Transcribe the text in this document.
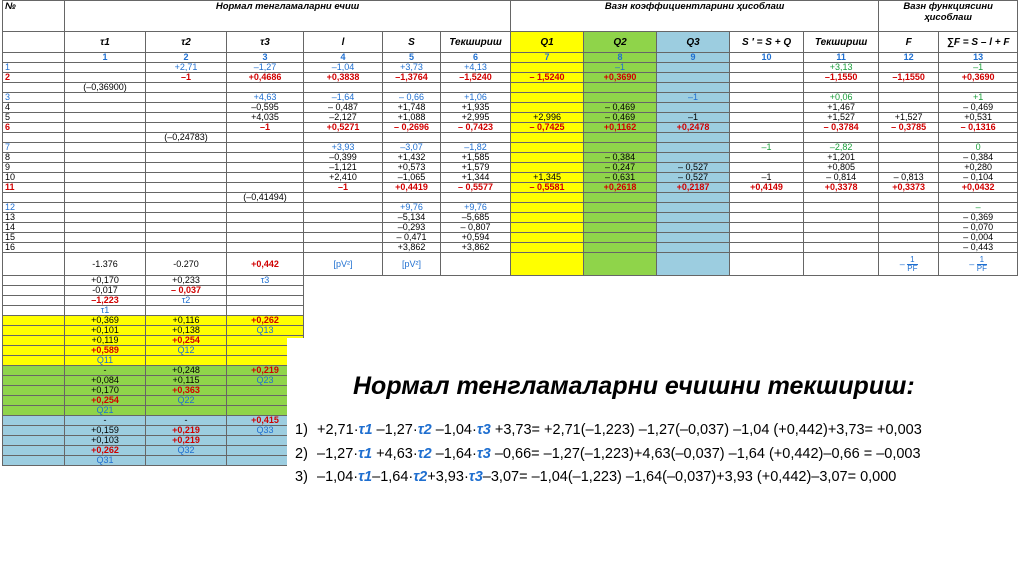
№	Нормал тенгламаларни ечиш						Вазн коэффициентларини ҳисоблаш					Вазн функциясини ҳисоблаш	
	τ1	τ2	τ3	l	S	Текшириш	Q1	Q2	Q3	S ′ = S + Q	Текшириш	F	∑F = S – l + F
	1	2	3	4	5	6	7	8	9	10	11	12	13
1		+2,71	–1,27	–1,04	+3,73	+4,13		–1			+3,13		–1
2		–1	+0,4686	+0,3838	–1,3764	–1,5240	– 1,5240	+0,3690			–1,1550	–1,1550	+0,3690
	(–0,36900)												
3			+4,63	–1,64	– 0,66	+1,06			–1		+0,06		+1
4			–0,595	– 0,487	+1,748	+1,935		– 0,469			+1,467		– 0,469
5			+4,035	–2,127	+1,088	+2,995	+2,996	– 0,469	–1		+1,527	+1,527	+0,531
6			–1	+0,5271	– 0,2696	– 0,7423	– 0,7425	+0,1162	+0,2478		– 0,3784	– 0,3785	– 0,1316
		(–0,24783)											
7				+3,93	–3,07	–1,82				–1	–2,82		0
8				–0,399	+1,432	+1,585		– 0,384			+1,201		– 0,384
9				–1,121	+0,573	+1,579		– 0,247	– 0,527		+0,805		+0,280
10				+2,410	–1,065	+1,344	+1,345	– 0,631	– 0,527	–1	– 0,814	– 0,813	– 0,104
11				–1	+0,4419	– 0,5577	– 0,5581	+0,2618	+0,2187	+0,4149	+0,3378	+0,3373	+0,0432
			(–0,41494)										
12					+9,76	+9,76							–
13					–5,134	–5,685							– 0,369
14					–0,293	– 0,807							– 0,070
15					– 0,471	+0,594							– 0,004
16					+3,862	+3,862							– 0,443
	-1.376	-0.270	+0,442	[pV²]	[pV²]							– $\frac{1}{PF}$	– $\frac{1}{PF}$
	+0,170	+0,233	τ3										
	-0,017	– 0,037											
	–1,223	τ2											
	τ1												
	+0,369	+0,116	+0,262										
	+0,101	+0,138	Q13										
	+0,119	+0,254											
	+0,589	Q12											
	Q11												
	-	+0,248	+0,219										
	+0,084	+0,115	Q23										
	+0,170	+0,363											
	+0,254	Q22											
	Q21												
	-	-	+0,415										
	+0,159	+0,219	Q33										
	+0,103	+0,219											
	+0,262	Q32											
	Q31												
Нормал тенгламаларни ечишни текшириш:
1) +2,71·τ1 –1,27·τ2 –1,04·τ3 +3,73= +2,71(–1,223) –1,27(–0,037) –1,04 (+0,442)+3,73= +0,003
2) –1,27·τ1 +4,63·τ2 –1,64·τ3 –0,66= –1,27(–1,223)+4,63(–0,037) –1,64 (+0,442)–0,66 = –0,003
3) –1,04·τ1–1,64·τ2+3,93·τ3–3,07= –1,04(–1,223) –1,64(–0,037)+3,93 (+0,442)–3,07= 0,000
